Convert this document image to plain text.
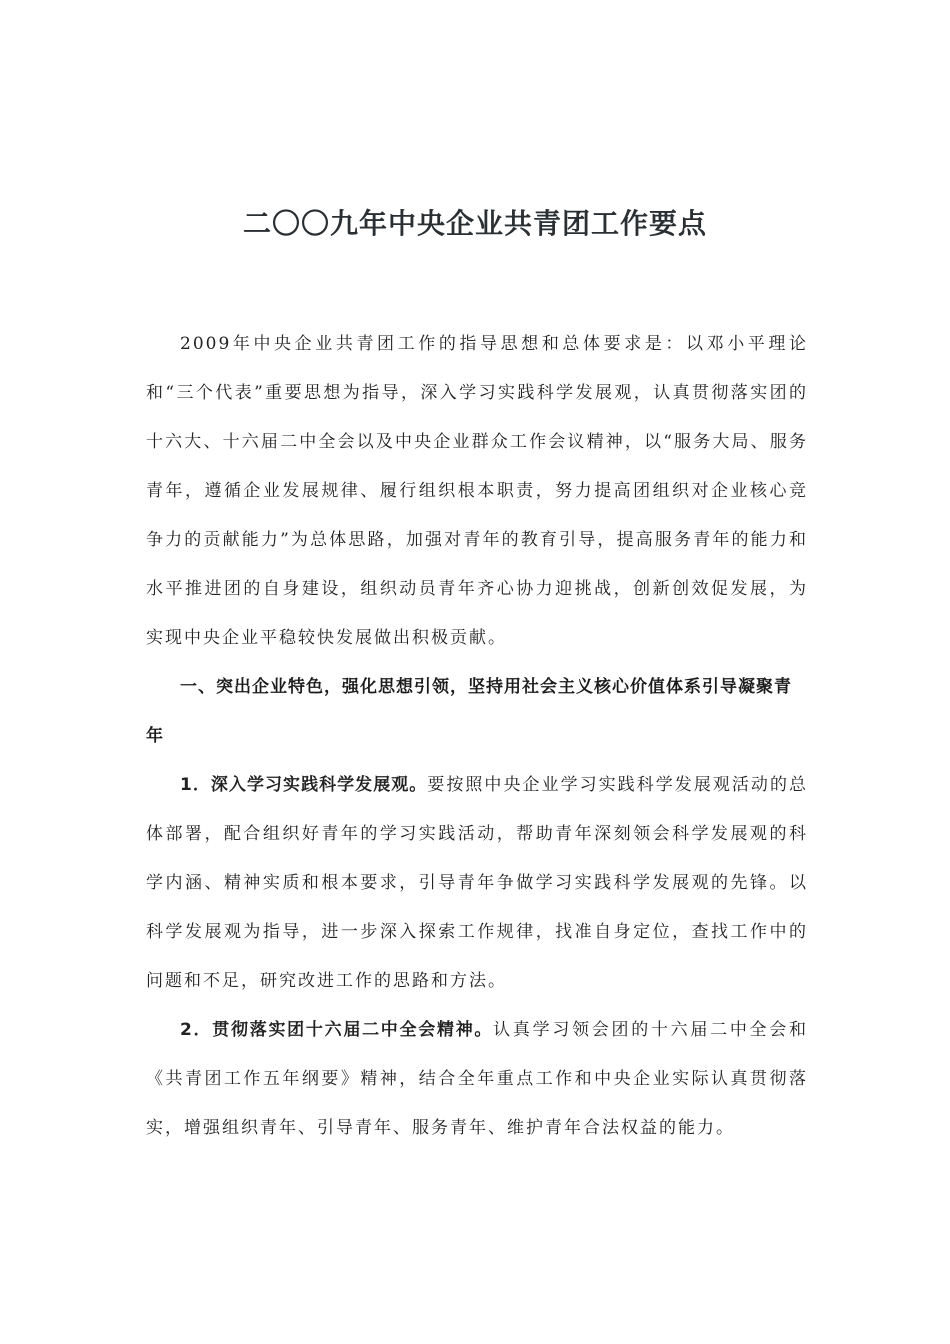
二〇〇九年中央企业共青团工作要点

2009年中央企业共青团工作的指导思想和总体要求是：以邓小平理论和“三个代表”重要思想为指导，深入学习实践科学发展观，认真贯彻落实团的十六大、十六届二中全会以及中央企业群众工作会议精神，以“服务大局、服务青年，遵循企业发展规律、履行组织根本职责，努力提高团组织对企业核心竞争力的贡献能力”为总体思路，加强对青年的教育引导，提高服务青年的能力和水平推进团的自身建设，组织动员青年齐心协力迎挑战，创新创效促发展，为实现中央企业平稳较快发展做出积极贡献。

一、突出企业特色，强化思想引领，坚持用社会主义核心价值体系引导凝聚青年

1．深入学习实践科学发展观。要按照中央企业学习实践科学发展观活动的总体部署，配合组织好青年的学习实践活动，帮助青年深刻领会科学发展观的科学内涵、精神实质和根本要求，引导青年争做学习实践科学发展观的先锋。以科学发展观为指导，进一步深入探索工作规律，找准自身定位，查找工作中的问题和不足，研究改进工作的思路和方法。

2．贯彻落实团十六届二中全会精神。认真学习领会团的十六届二中全会和《共青团工作五年纲要》精神，结合全年重点工作和中央企业实际认真贯彻落实，增强组织青年、引导青年、服务青年、维护青年合法权益的能力。
